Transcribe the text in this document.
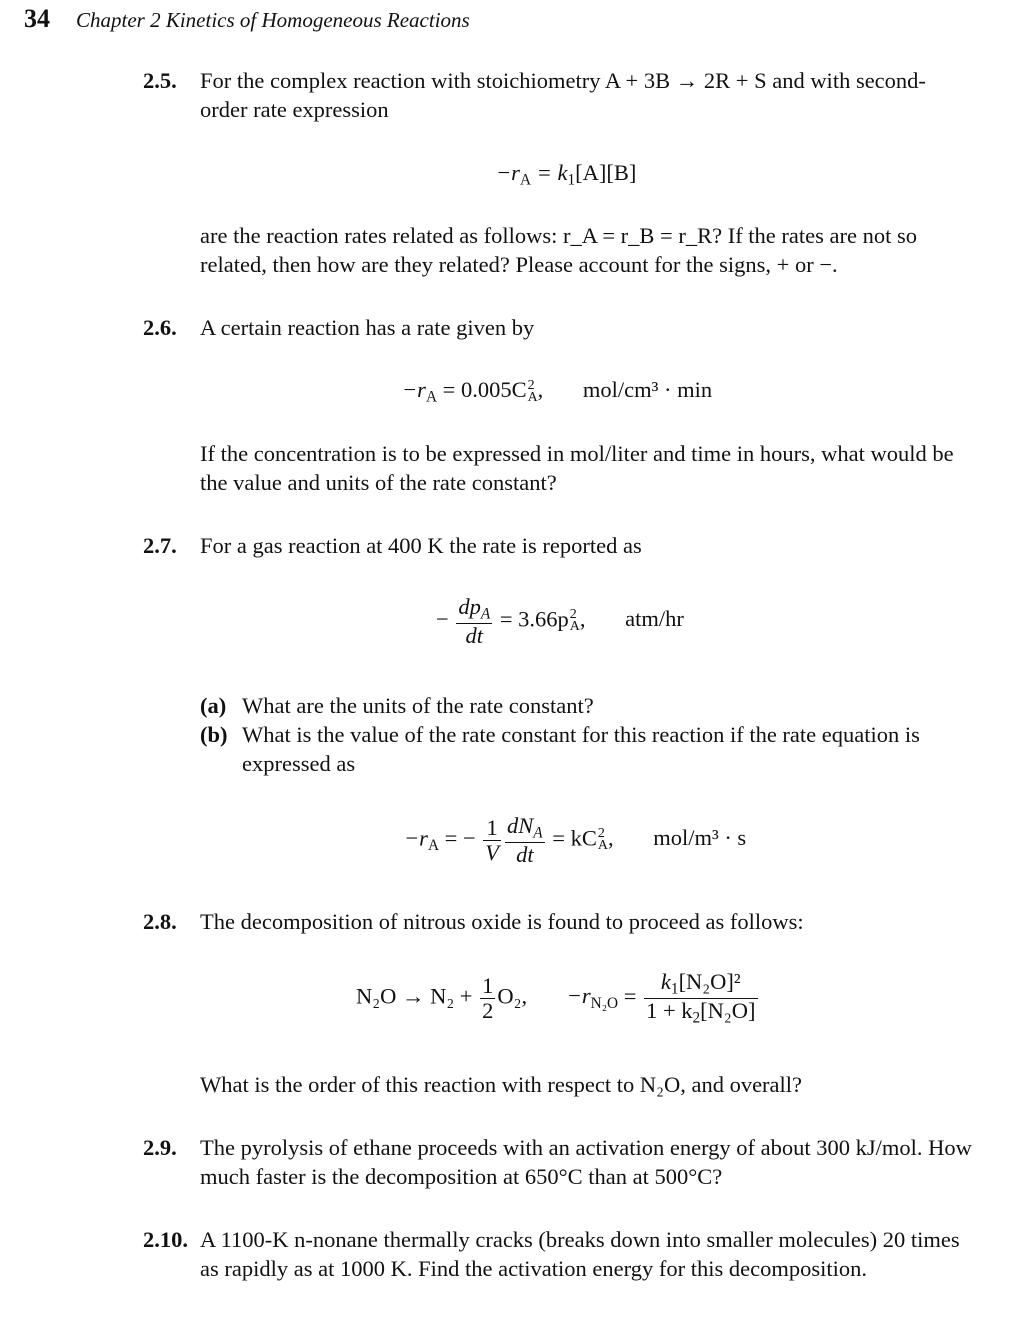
34 Chapter 2 Kinetics of Homogeneous Reactions
2.5. For the complex reaction with stoichiometry A + 3B → 2R + S and with second-order rate expression
$-r_A = k_1[A][B]$
are the reaction rates related as follows: r_A = r_B = r_R? If the rates are not so related, then how are they related? Please account for the signs, + or −.
2.6. A certain reaction has a rate given by
$-r_A = 0.005C$ 2
A , mol/cm³ · min
If the concentration is to be expressed in mol/liter and time in hours, what would be the value and units of the rate constant?
2.7. For a gas reaction at 400 K the rate is reported as
− $\frac{dp_A}{dt} = 3.66p$ 2
A , atm/hr
(a) What are the units of the rate constant?
(b) What is the value of the rate constant for this reaction if the rate equation is expressed as
$-r_A$ = − $\frac{1}{V} \frac{dN_A}{dt}$ = kC 2
A , mol/m³ · s
2.8. The decomposition of nitrous oxide is found to proceed as follows:
$N_2O \to N_2 + \frac{1}{2} O_2$, $-r_{N_2O} = \frac{k_1[N_2O]^2}{1 + k_2[N_2O]}$
What is the order of this reaction with respect to N₂O, and overall?
2.9. The pyrolysis of ethane proceeds with an activation energy of about 300 kJ/mol. How much faster is the decomposition at 650°C than at 500°C?
2.10. A 1100-K n-nonane thermally cracks (breaks down into smaller molecules) 20 times as rapidly as at 1000 K. Find the activation energy for this decomposition.
